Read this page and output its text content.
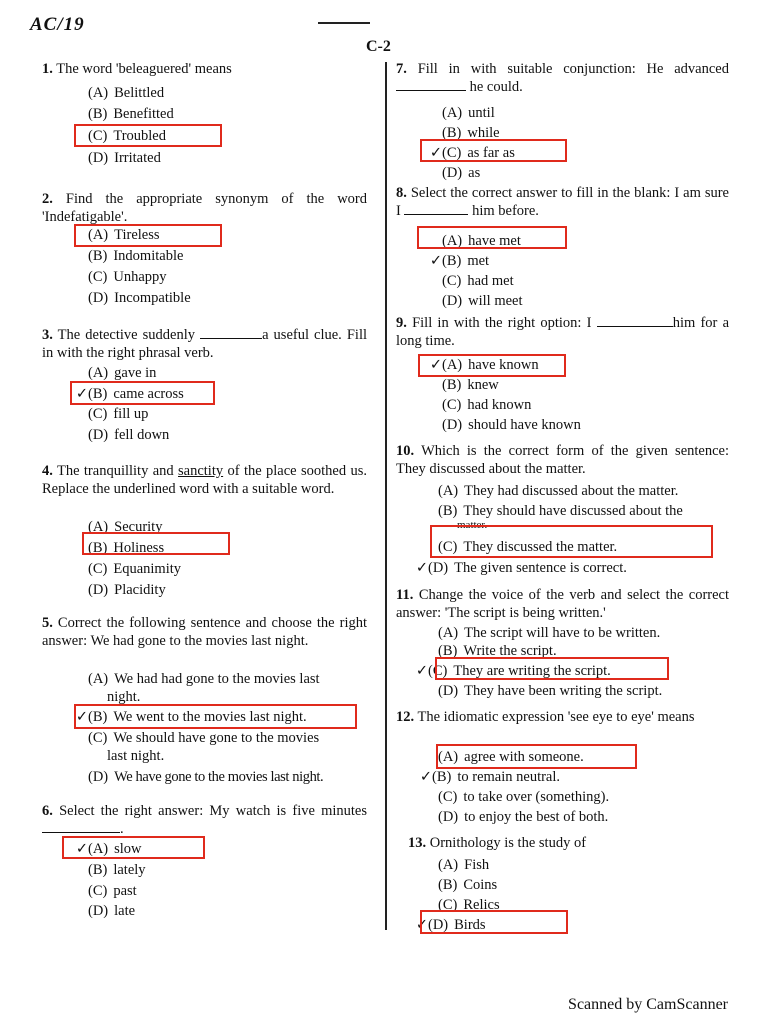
AC/19
C-2

1. The word 'beleaguered' means

(A) Belittled
(B) Benefitted
(C) Troubled
(D) Irritated

2. Find the appropriate synonym of the word 'Indefatigable'.

(A) Tireless
(B) Indomitable
(C) Unhappy
(D) Incompatible

3. The detective suddenly	a useful clue. Fill in with the right phrasal verb.

(A) gave in
✓(B) came across
(C) fill up
(D) fell down

4. The tranquillity and sanctity of the place soothed us. Replace the underlined word with a suitable word.

(A) Security
(B) Holiness
(C) Equanimity
(D) Placidity

5. Correct the following sentence and choose the right answer: We had gone to the movies last night.

(A) We had had gone to the movies last
night.
✓(B) We went to the movies last night.
(C) We should have gone to the movies
last night.
(D) We have gone to the movies last night.

6. Select the right answer: My watch is five minutes .

✓(A) slow
(B) lately
(C) past
(D) late

7. Fill in with suitable conjunction: He advanced  he could.

(A) until
(B) while
✓(C) as far as
(D) as

8. Select the correct answer to fill in the blank: I am sure I	him before.

(A) have met
✓(B) met
(C) had met
(D) will meet

9. Fill in with the right option: I	him for a long time.

✓(A) have known
(B) knew
(C) had known
(D) should have known

10. Which is the correct form of the given sentence: They discussed about the matter.

(A) They had discussed about the matter.
(B) They should have discussed about the
matter.
(C) They discussed the matter.
✓(D) The given sentence is correct.

11. Change the voice of the verb and select the correct answer: 'The script is being written.'

(A) The script will have to be written.
(B) Write the script.
✓(C) They are writing the script.
(D) They have been writing the script.

12. The idiomatic expression 'see eye to eye' means

(A) agree with someone.
✓(B) to remain neutral.
(C) to take over (something).
(D) to enjoy the best of both.

13. Ornithology is the study of

(A) Fish
(B) Coins
(C) Relics
✓(D) Birds
Scanned by CamScanner
